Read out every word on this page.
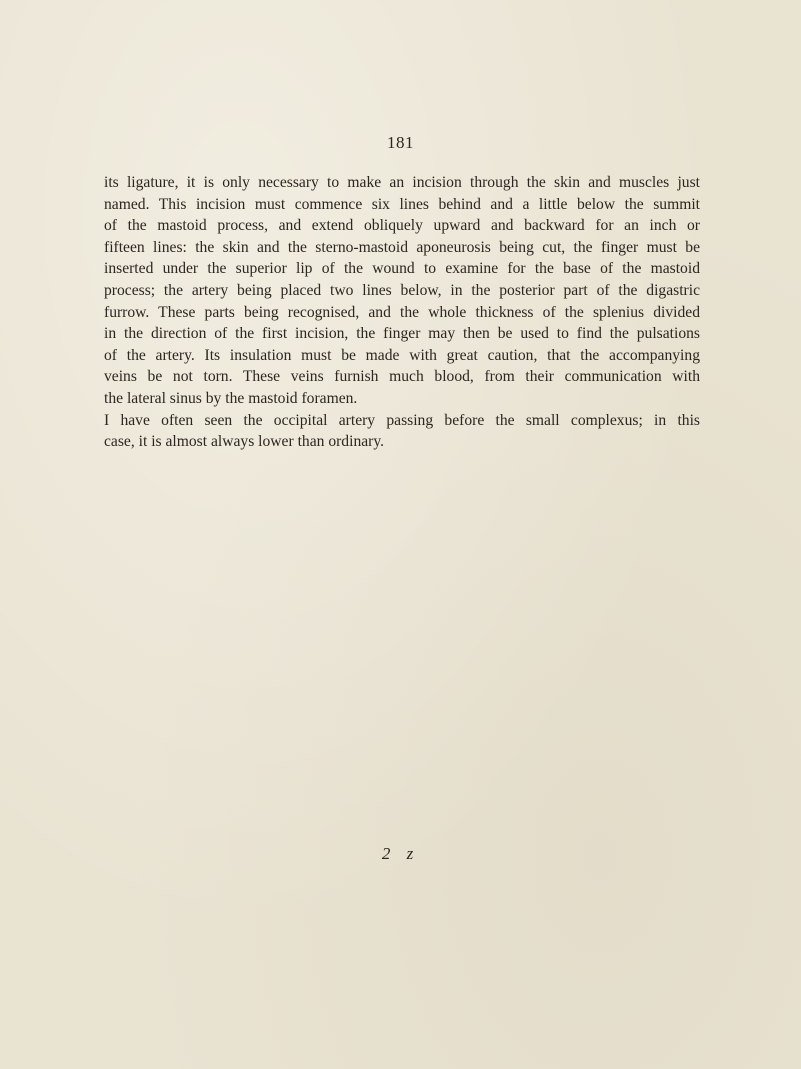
181
its ligature, it is only necessary to make an incision through the skin and muscles just
named. This incision must commence six lines behind and a little below the summit
of the mastoid process, and extend obliquely upward and backward for an inch or
fifteen lines: the skin and the sterno-mastoid aponeurosis being cut, the finger must be
inserted under the superior lip of the wound to examine for the base of the mastoid
process; the artery being placed two lines below, in the posterior part of the digastric
furrow. These parts being recognised, and the whole thickness of the splenius divided
in the direction of the first incision, the finger may then be used to find the pulsations
of the artery. Its insulation must be made with great caution, that the accompanying
veins be not torn. These veins furnish much blood, from their communication with
the lateral sinus by the mastoid foramen.
I have often seen the occipital artery passing before the small complexus; in this
case, it is almost always lower than ordinary.
2 z
